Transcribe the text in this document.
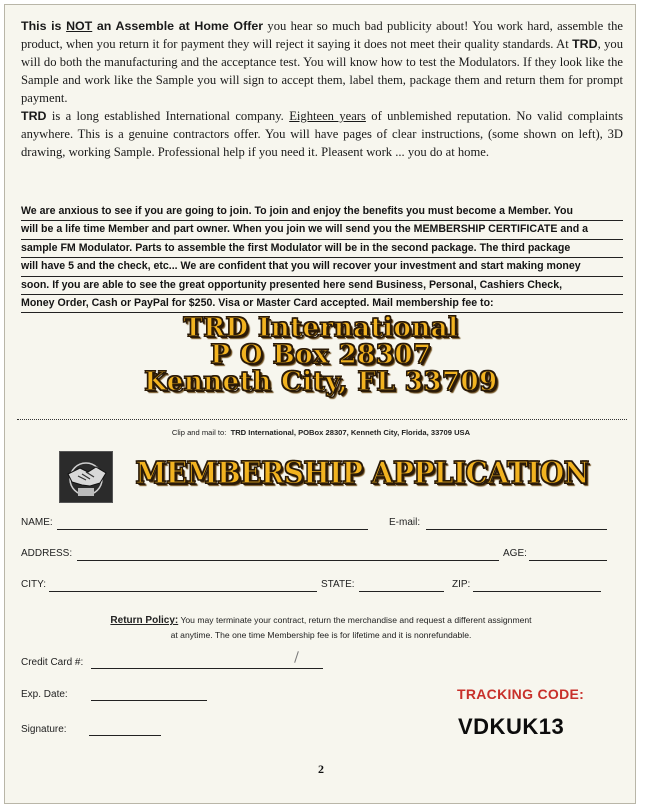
This is NOT an Assemble at Home Offer you hear so much bad publicity about! You work hard, assemble the product, when you return it for payment they will reject it saying it does not meet their quality standards. At TRD, you will do both the manufacturing and the acceptance test. You will know how to test the Modulators. If they look like the Sample and work like the Sample you will sign to accept them, label them, package them and return them for prompt payment.

TRD is a long established International company. Eighteen years of unblemished reputation. No valid complaints anywhere. This is a genuine contractors offer. You will have pages of clear instructions, (some shown on left), 3D drawing, working Sample. Professional help if you need it. Pleasent work ... you do at home.

We are anxious to see if you are going to join. To join and enjoy the benefits you must become a Member. You
will be a life time Member and part owner. When you join we will send you the MEMBERSHIP CERTIFICATE and a
sample FM Modulator. Parts to assemble the first Modulator will be in the second package. The third package
will have 5 and the check, etc... We are confident that you will recover your investment and start making money
soon. If you are able to see the great opportunity presented here send Business, Personal, Cashiers Check,
Money Order, Cash or PayPal for $250. Visa or Master Card accepted. Mail membership fee to:
TRD International
P O Box 28307
Kenneth City, FL 33709
Clip and mail to: TRD International, POBox 28307, Kenneth City, Florida, 33709 USA
MEMBERSHIP APPLICATION
NAME:	E-mail:
ADDRESS:	AGE:
CITY:	STATE:	ZIP:
Return Policy: You may terminate your contract, return the merchandise and request a different assignment
at anytime. The one time Membership fee is for lifetime and it is nonrefundable.
Credit Card #:
Exp. Date:
Signature:
TRACKING CODE:
VDKUK13
2
